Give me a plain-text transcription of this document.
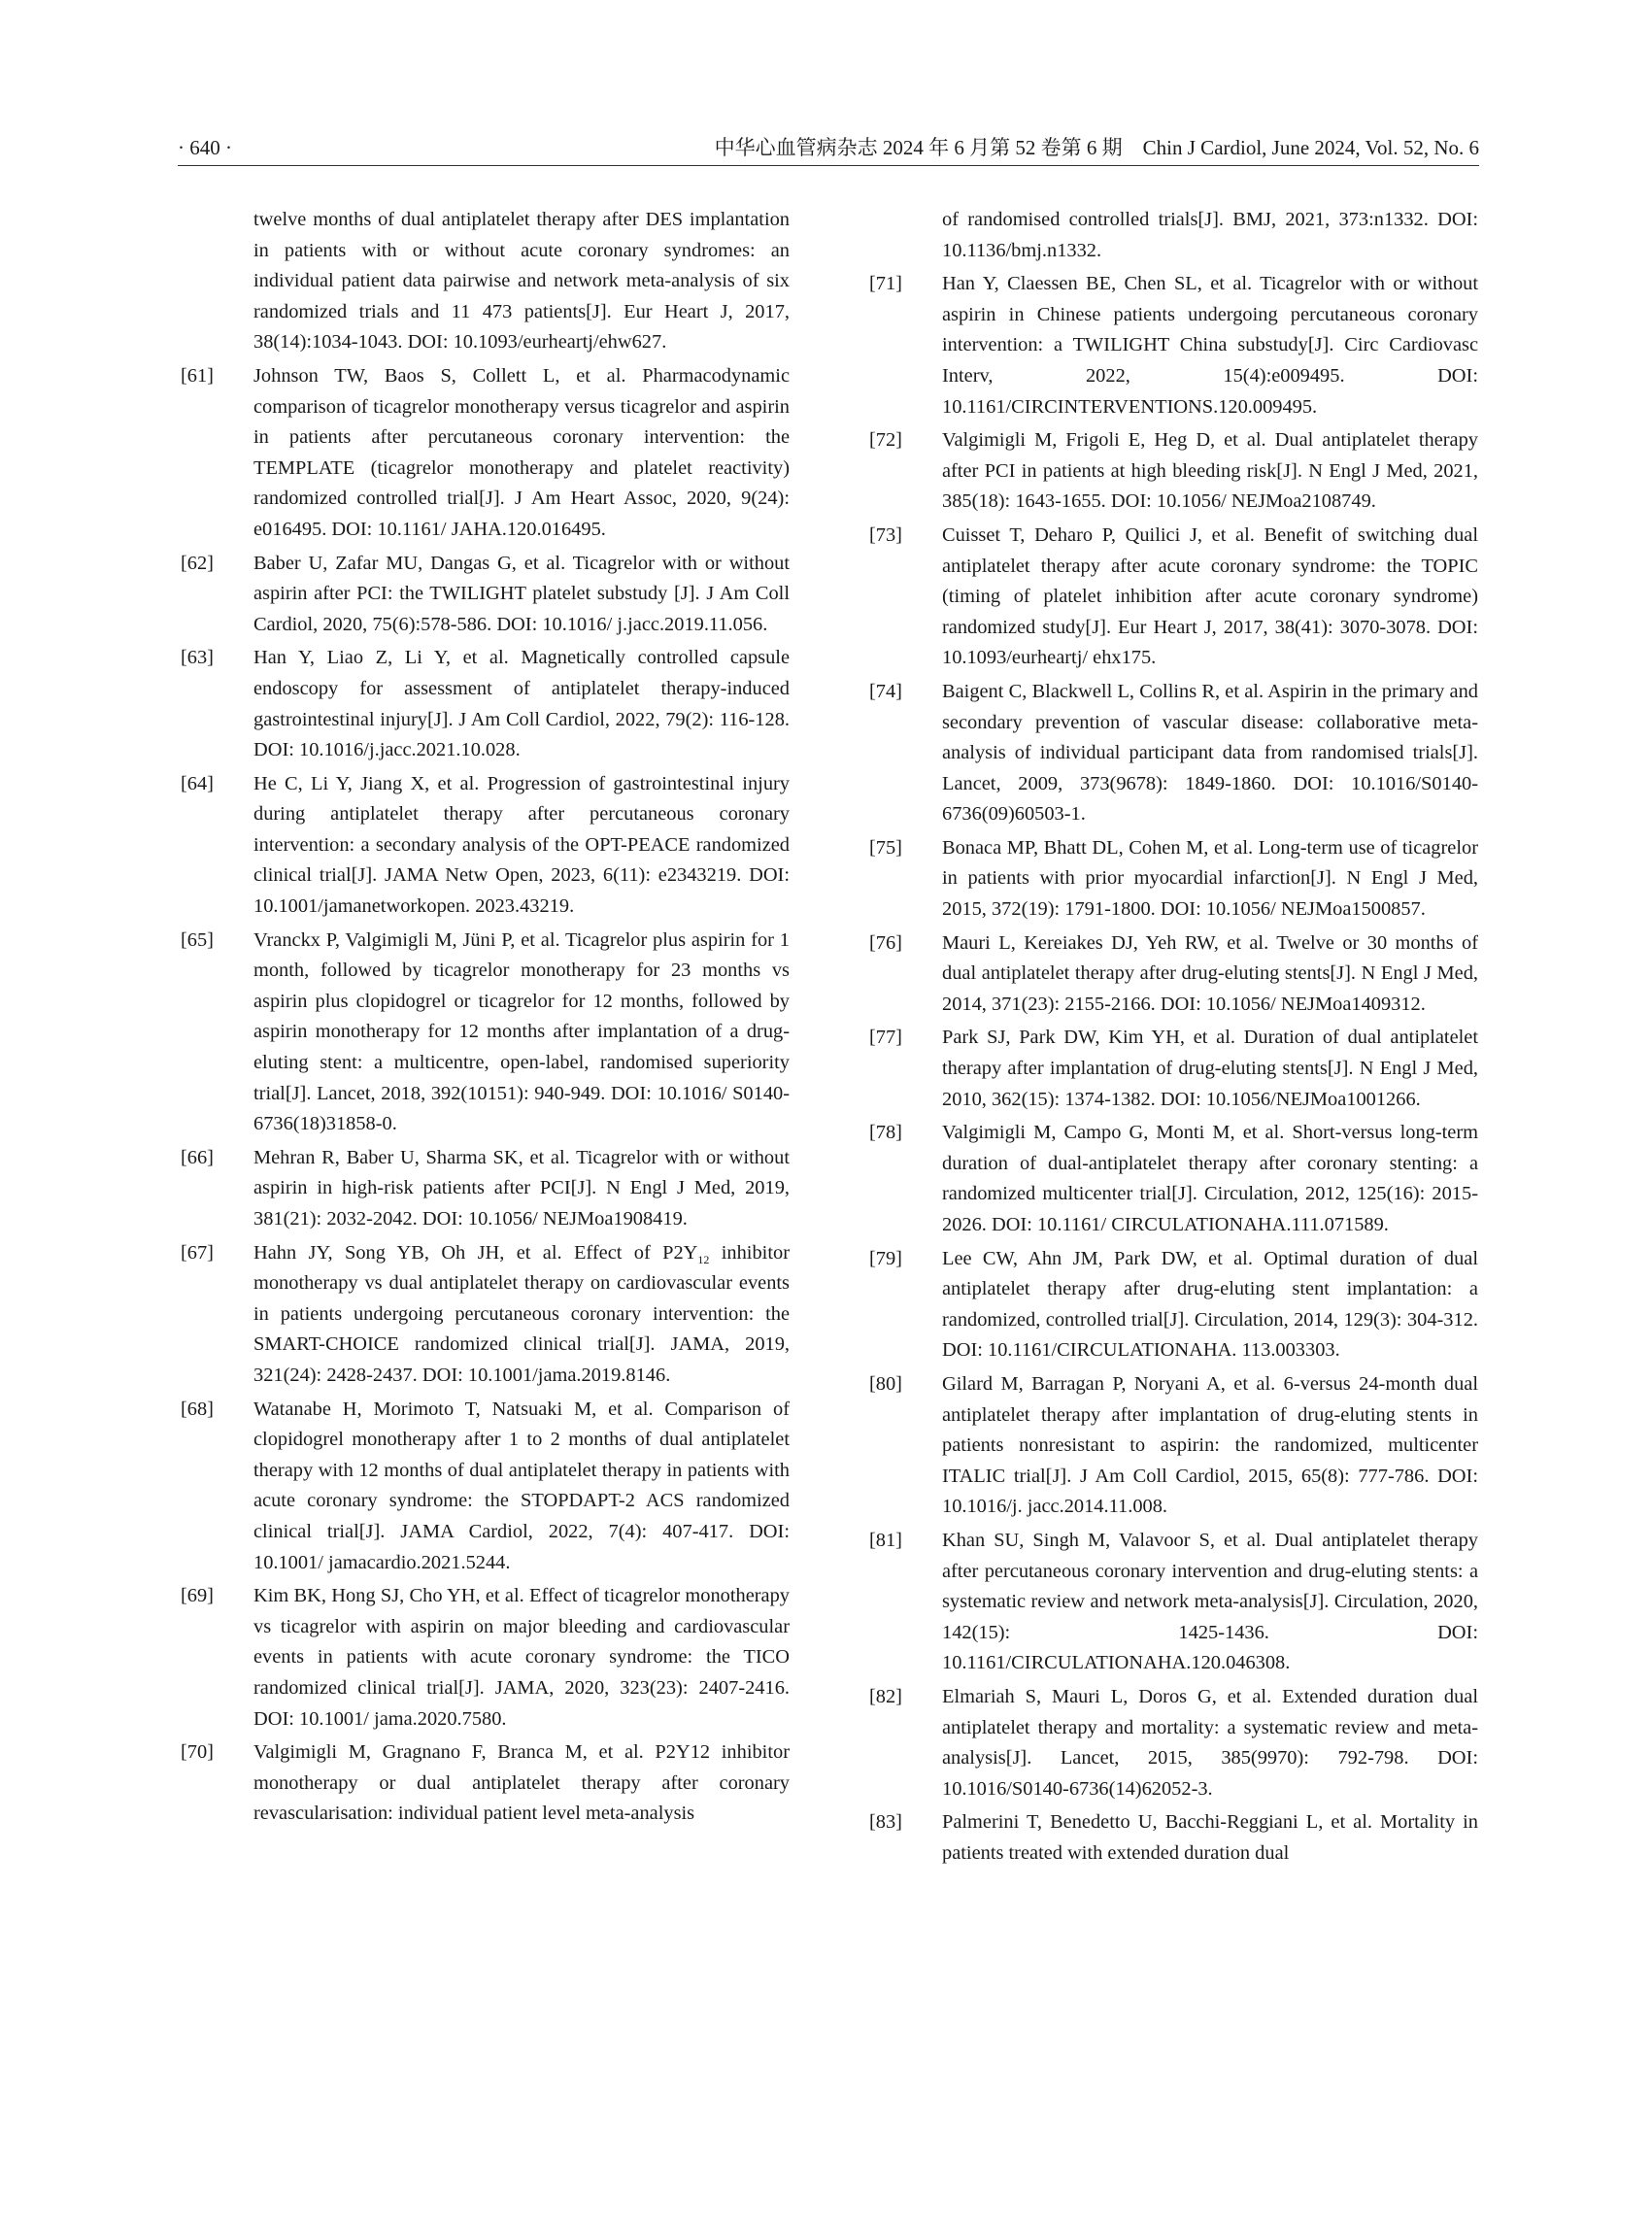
· 640 ·	中华心血管病杂志 2024 年 6 月第 52 卷第 6 期　Chin J Cardiol, June 2024, Vol. 52, No. 6
twelve months of dual antiplatelet therapy after DES implantation in patients with or without acute coronary syndromes: an individual patient data pairwise and network meta-analysis of six randomized trials and 11 473 patients[J]. Eur Heart J, 2017, 38(14):1034-1043. DOI: 10.1093/eurheartj/ehw627.
[61] Johnson TW, Baos S, Collett L, et al. Pharmacodynamic comparison of ticagrelor monotherapy versus ticagrelor and aspirin in patients after percutaneous coronary intervention: the TEMPLATE (ticagrelor monotherapy and platelet reactivity) randomized controlled trial[J]. J Am Heart Assoc, 2020, 9(24): e016495. DOI: 10.1161/ JAHA.120.016495.
[62] Baber U, Zafar MU, Dangas G, et al. Ticagrelor with or without aspirin after PCI: the TWILIGHT platelet substudy [J]. J Am Coll Cardiol, 2020, 75(6):578-586. DOI: 10.1016/ j.jacc.2019.11.056.
[63] Han Y, Liao Z, Li Y, et al. Magnetically controlled capsule endoscopy for assessment of antiplatelet therapy-induced gastrointestinal injury[J]. J Am Coll Cardiol, 2022, 79(2): 116-128. DOI: 10.1016/j.jacc.2021.10.028.
[64] He C, Li Y, Jiang X, et al. Progression of gastrointestinal injury during antiplatelet therapy after percutaneous coronary intervention: a secondary analysis of the OPT-PEACE randomized clinical trial[J]. JAMA Netw Open, 2023, 6(11): e2343219. DOI: 10.1001/jamanetworkopen. 2023.43219.
[65] Vranckx P, Valgimigli M, Jüni P, et al. Ticagrelor plus aspirin for 1 month, followed by ticagrelor monotherapy for 23 months vs aspirin plus clopidogrel or ticagrelor for 12 months, followed by aspirin monotherapy for 12 months after implantation of a drug-eluting stent: a multicentre, open-label, randomised superiority trial[J]. Lancet, 2018, 392(10151): 940-949. DOI: 10.1016/ S0140-6736(18)31858-0.
[66] Mehran R, Baber U, Sharma SK, et al. Ticagrelor with or without aspirin in high-risk patients after PCI[J]. N Engl J Med, 2019, 381(21): 2032-2042. DOI: 10.1056/ NEJMoa1908419.
[67] Hahn JY, Song YB, Oh JH, et al. Effect of $P2Y_{12}$ inhibitor monotherapy vs dual antiplatelet therapy on cardiovascular events in patients undergoing percutaneous coronary intervention: the SMART-CHOICE randomized clinical trial[J]. JAMA, 2019, 321(24): 2428-2437. DOI: 10.1001/jama.2019.8146.
[68] Watanabe H, Morimoto T, Natsuaki M, et al. Comparison of clopidogrel monotherapy after 1 to 2 months of dual antiplatelet therapy with 12 months of dual antiplatelet therapy in patients with acute coronary syndrome: the STOPDAPT-2 ACS randomized clinical trial[J]. JAMA Cardiol, 2022, 7(4): 407-417. DOI: 10.1001/ jamacardio.2021.5244.
[69] Kim BK, Hong SJ, Cho YH, et al. Effect of ticagrelor monotherapy vs ticagrelor with aspirin on major bleeding and cardiovascular events in patients with acute coronary syndrome: the TICO randomized clinical trial[J]. JAMA, 2020, 323(23): 2407-2416. DOI: 10.1001/ jama.2020.7580.
[70] Valgimigli M, Gragnano F, Branca M, et al. P2Y12 inhibitor monotherapy or dual antiplatelet therapy after coronary revascularisation: individual patient level meta-analysis
of randomised controlled trials[J]. BMJ, 2021, 373:n1332. DOI: 10.1136/bmj.n1332.
[71] Han Y, Claessen BE, Chen SL, et al. Ticagrelor with or without aspirin in Chinese patients undergoing percutaneous coronary intervention: a TWILIGHT China substudy[J]. Circ Cardiovasc Interv, 2022, 15(4):e009495. DOI: 10.1161/CIRCINTERVENTIONS.120.009495.
[72] Valgimigli M, Frigoli E, Heg D, et al. Dual antiplatelet therapy after PCI in patients at high bleeding risk[J]. N Engl J Med, 2021, 385(18): 1643-1655. DOI: 10.1056/ NEJMoa2108749.
[73] Cuisset T, Deharo P, Quilici J, et al. Benefit of switching dual antiplatelet therapy after acute coronary syndrome: the TOPIC (timing of platelet inhibition after acute coronary syndrome) randomized study[J]. Eur Heart J, 2017, 38(41): 3070-3078. DOI: 10.1093/eurheartj/ ehx175.
[74] Baigent C, Blackwell L, Collins R, et al. Aspirin in the primary and secondary prevention of vascular disease: collaborative meta-analysis of individual participant data from randomised trials[J]. Lancet, 2009, 373(9678): 1849-1860. DOI: 10.1016/S0140-6736(09)60503-1.
[75] Bonaca MP, Bhatt DL, Cohen M, et al. Long-term use of ticagrelor in patients with prior myocardial infarction[J]. N Engl J Med, 2015, 372(19): 1791-1800. DOI: 10.1056/ NEJMoa1500857.
[76] Mauri L, Kereiakes DJ, Yeh RW, et al. Twelve or 30 months of dual antiplatelet therapy after drug-eluting stents[J]. N Engl J Med, 2014, 371(23): 2155-2166. DOI: 10.1056/ NEJMoa1409312.
[77] Park SJ, Park DW, Kim YH, et al. Duration of dual antiplatelet therapy after implantation of drug-eluting stents[J]. N Engl J Med, 2010, 362(15): 1374-1382. DOI: 10.1056/NEJMoa1001266.
[78] Valgimigli M, Campo G, Monti M, et al. Short-versus long-term duration of dual-antiplatelet therapy after coronary stenting: a randomized multicenter trial[J]. Circulation, 2012, 125(16): 2015-2026. DOI: 10.1161/ CIRCULATIONAHA.111.071589.
[79] Lee CW, Ahn JM, Park DW, et al. Optimal duration of dual antiplatelet therapy after drug-eluting stent implantation: a randomized, controlled trial[J]. Circulation, 2014, 129(3): 304-312. DOI: 10.1161/CIRCULATIONAHA. 113.003303.
[80] Gilard M, Barragan P, Noryani A, et al. 6-versus 24-month dual antiplatelet therapy after implantation of drug-eluting stents in patients nonresistant to aspirin: the randomized, multicenter ITALIC trial[J]. J Am Coll Cardiol, 2015, 65(8): 777-786. DOI: 10.1016/j. jacc.2014.11.008.
[81] Khan SU, Singh M, Valavoor S, et al. Dual antiplatelet therapy after percutaneous coronary intervention and drug-eluting stents: a systematic review and network meta-analysis[J]. Circulation, 2020, 142(15): 1425-1436. DOI: 10.1161/CIRCULATIONAHA.120.046308.
[82] Elmariah S, Mauri L, Doros G, et al. Extended duration dual antiplatelet therapy and mortality: a systematic review and meta-analysis[J]. Lancet, 2015, 385(9970): 792-798. DOI: 10.1016/S0140-6736(14)62052-3.
[83] Palmerini T, Benedetto U, Bacchi-Reggiani L, et al. Mortality in patients treated with extended duration dual
